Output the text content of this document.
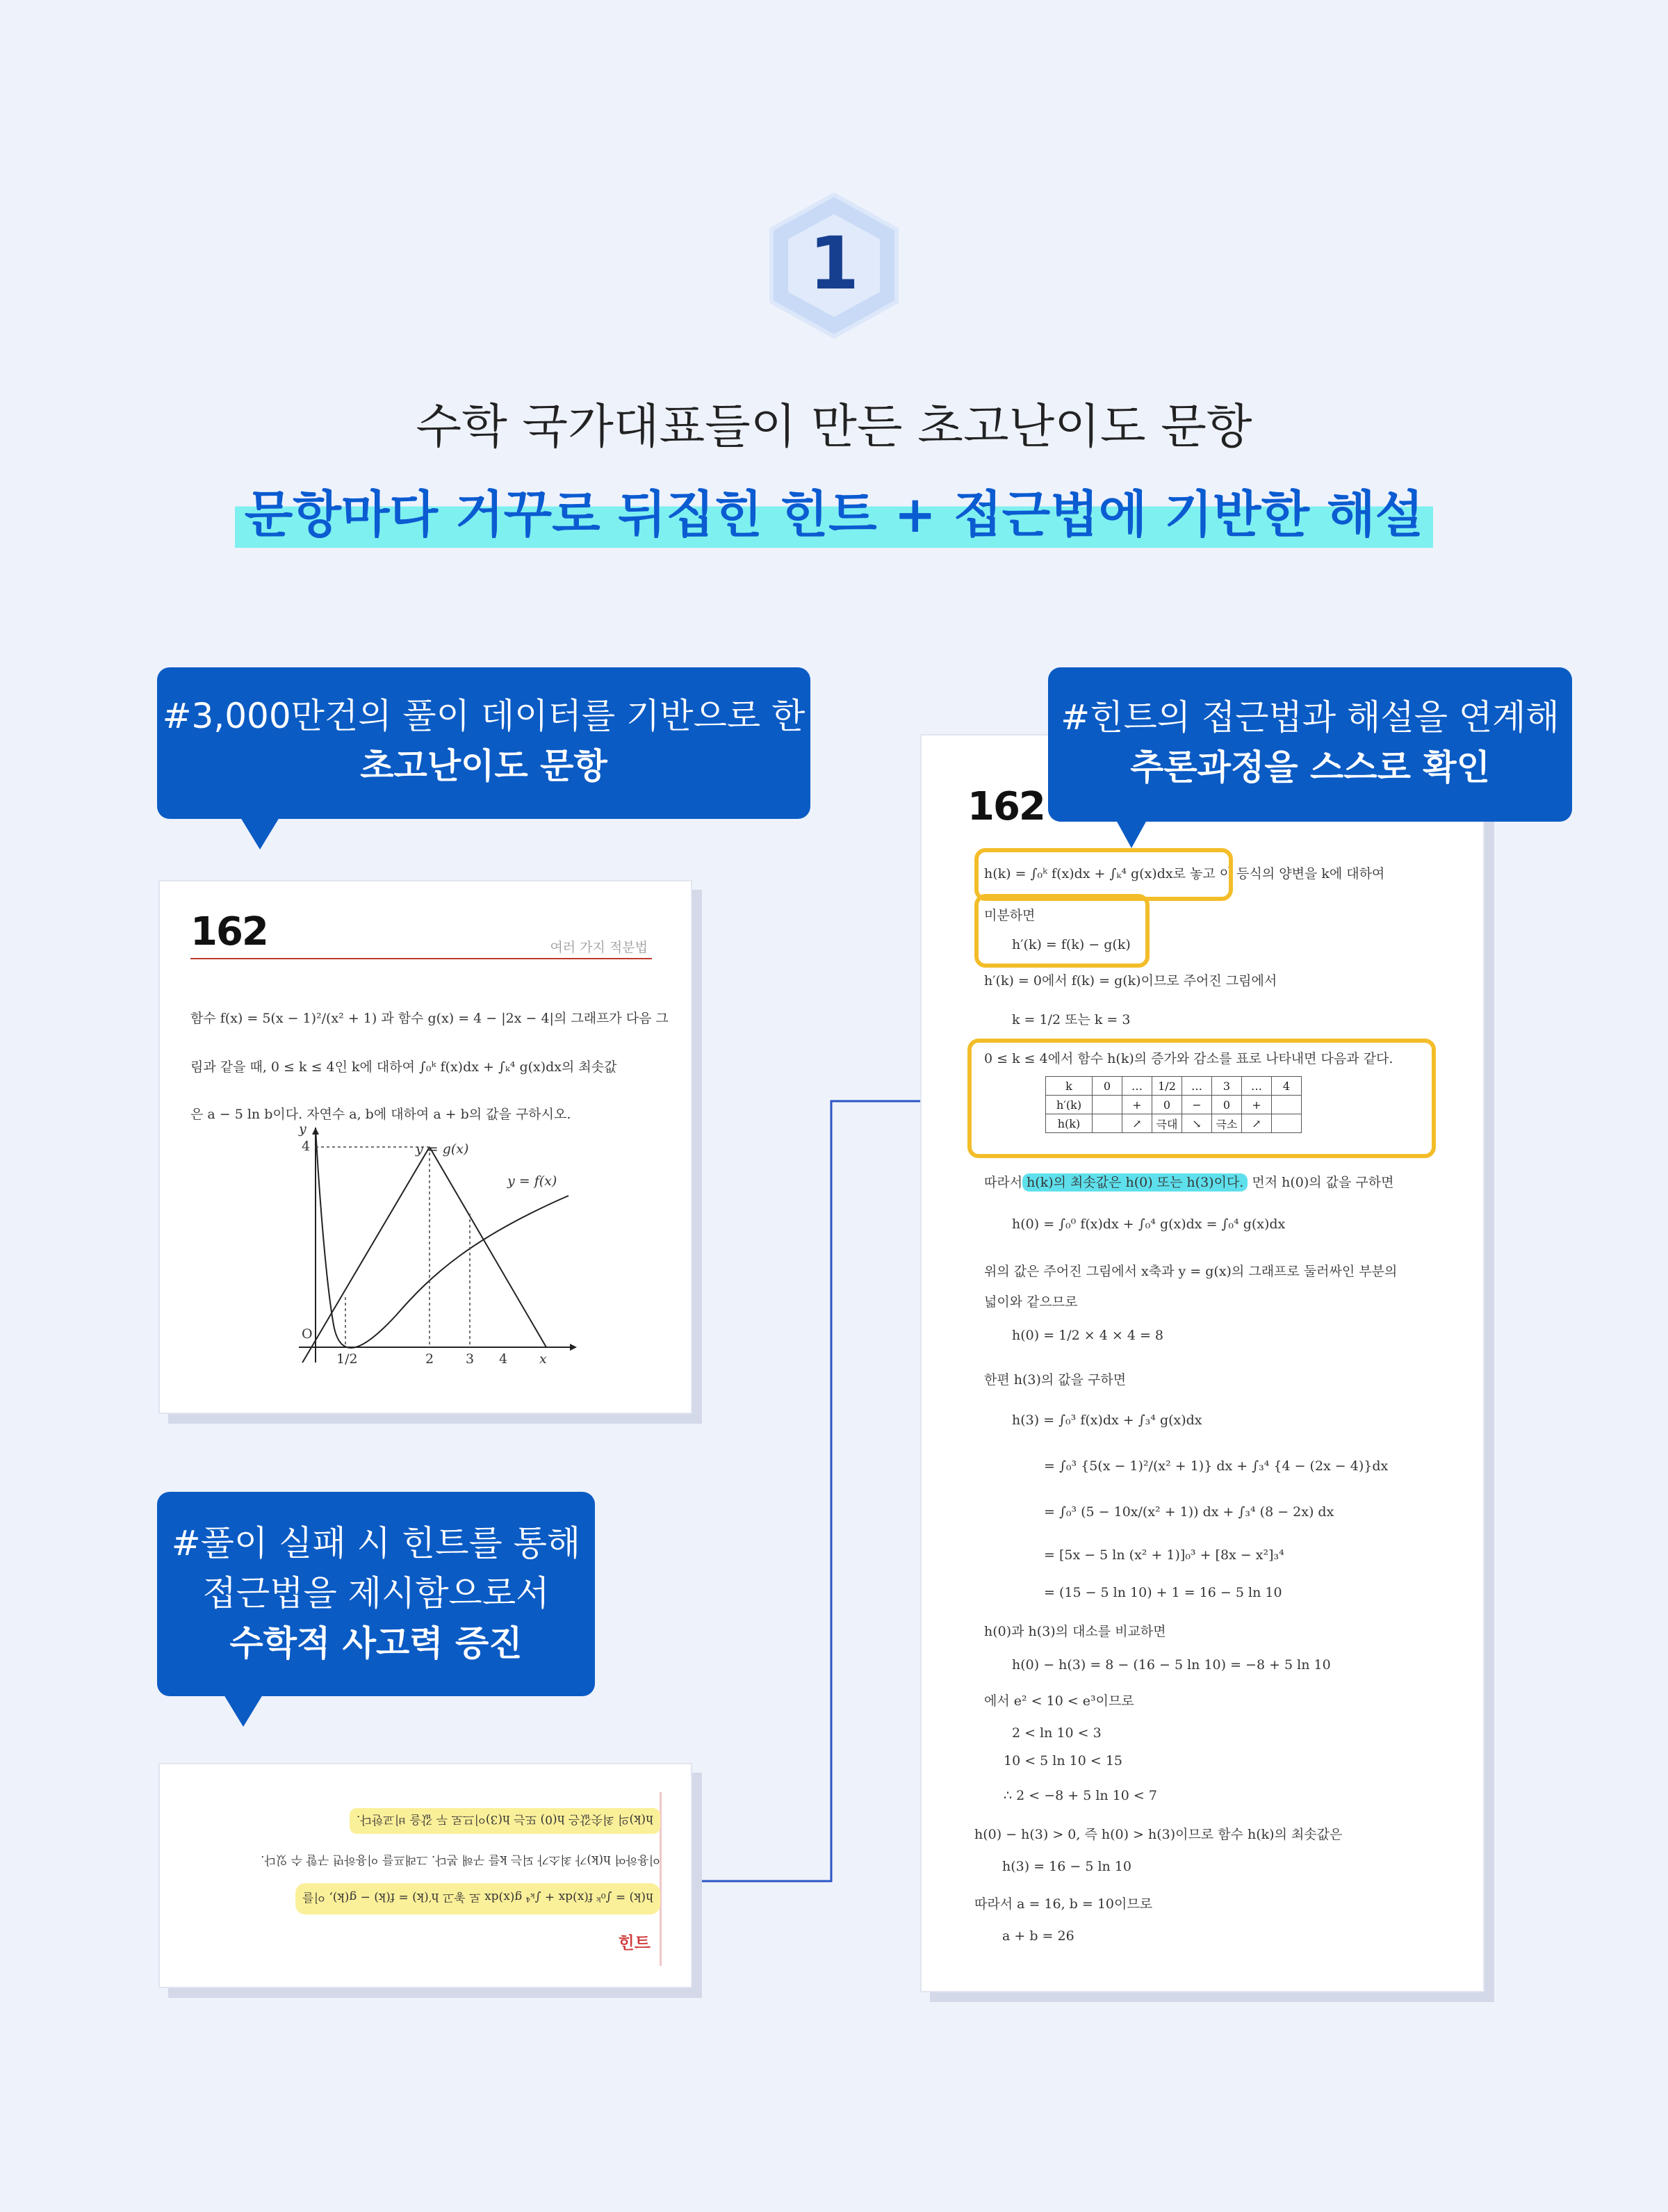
1
수학 국가대표들이 만든 초고난이도 문항
문항마다 거꾸로 뒤집힌 힌트 + 접근법에 기반한 해설
#3,000만건의 풀이 데이터를 기반으로 한
초고난이도 문항
162	여러 가지 적분법
함수 f(x) = 5(x − 1)²/(x² + 1) 과 함수 g(x) = 4 − |2x − 4|의 그래프가 다음 그
림과 같을 때, 0 ≤ k ≤ 4인 k에 대하여 ∫₀ᵏ f(x)dx + ∫ₖ⁴ g(x)dx의 최솟값
은 a − 5 ln b이다. 자연수 a, b에 대하여 a + b의 값을 구하시오.
y
4
O
y = g(x)
y = f(x)
1/2	2 3 4 x
#풀이 실패 시 힌트를 통해
접근법을 제시함으로서
수학적 사고력 증진
힌트
h(k) = ∫₀ᵏ f(x)dx + ∫ₖ⁴ g(x)dx 로 놓고 h′(k) = f(k) − g(k), 이를
이용하여 h(k)가 최소가 되는 k를 구해 본다. 그래프를 이용하면 구할 수 있다.
h(k)의 최솟값은 h(0) 또는 h(3)이므로 두 값을 비교한다.
162
h(k) = ∫₀ᵏ f(x)dx + ∫ₖ⁴ g(x)dx로 놓고 이 등식의 양변을 k에 대하여
미분하면
h′(k) = f(k) − g(k)
h′(k) = 0에서 f(k) = g(k)이므로 주어진 그림에서
k = 1/2 또는 k = 3
0 ≤ k ≤ 4에서 함수 h(k)의 증가와 감소를 표로 나타내면 다음과 같다.
k	0	…	1/2	…	3	…	4
h′(k)		+	0	−	0	+	
h(k)		↗	극대	↘	극소	↗	
따라서 h(k)의 최솟값은 h(0) 또는 h(3)이다. 먼저 h(0)의 값을 구하면
h(0) = ∫₀⁰ f(x)dx + ∫₀⁴ g(x)dx = ∫₀⁴ g(x)dx
위의 값은 주어진 그림에서 x축과 y = g(x)의 그래프로 둘러싸인 부분의
넓이와 같으므로
h(0) = 1/2 × 4 × 4 = 8
한편 h(3)의 값을 구하면
h(3) = ∫₀³ f(x)dx + ∫₃⁴ g(x)dx
= ∫₀³ {5(x − 1)²/(x² + 1)} dx + ∫₃⁴ {4 − (2x − 4)}dx
= ∫₀³ (5 − 10x/(x² + 1)) dx + ∫₃⁴ (8 − 2x) dx
= [5x − 5 ln (x² + 1)]₀³ + [8x − x²]₃⁴
= (15 − 5 ln 10) + 1 = 16 − 5 ln 10
h(0)과 h(3)의 대소를 비교하면
h(0) − h(3) = 8 − (16 − 5 ln 10) = −8 + 5 ln 10
에서 e² < 10 < e³이므로
2 < ln 10 < 3
10 < 5 ln 10 < 15
∴ 2 < −8 + 5 ln 10 < 7
h(0) − h(3) > 0, 즉 h(0) > h(3)이므로 함수 h(k)의 최솟값은
h(3) = 16 − 5 ln 10
따라서 a = 16, b = 10이므로
a + b = 26
#힌트의 접근법과 해설을 연계해
추론과정을 스스로 확인
